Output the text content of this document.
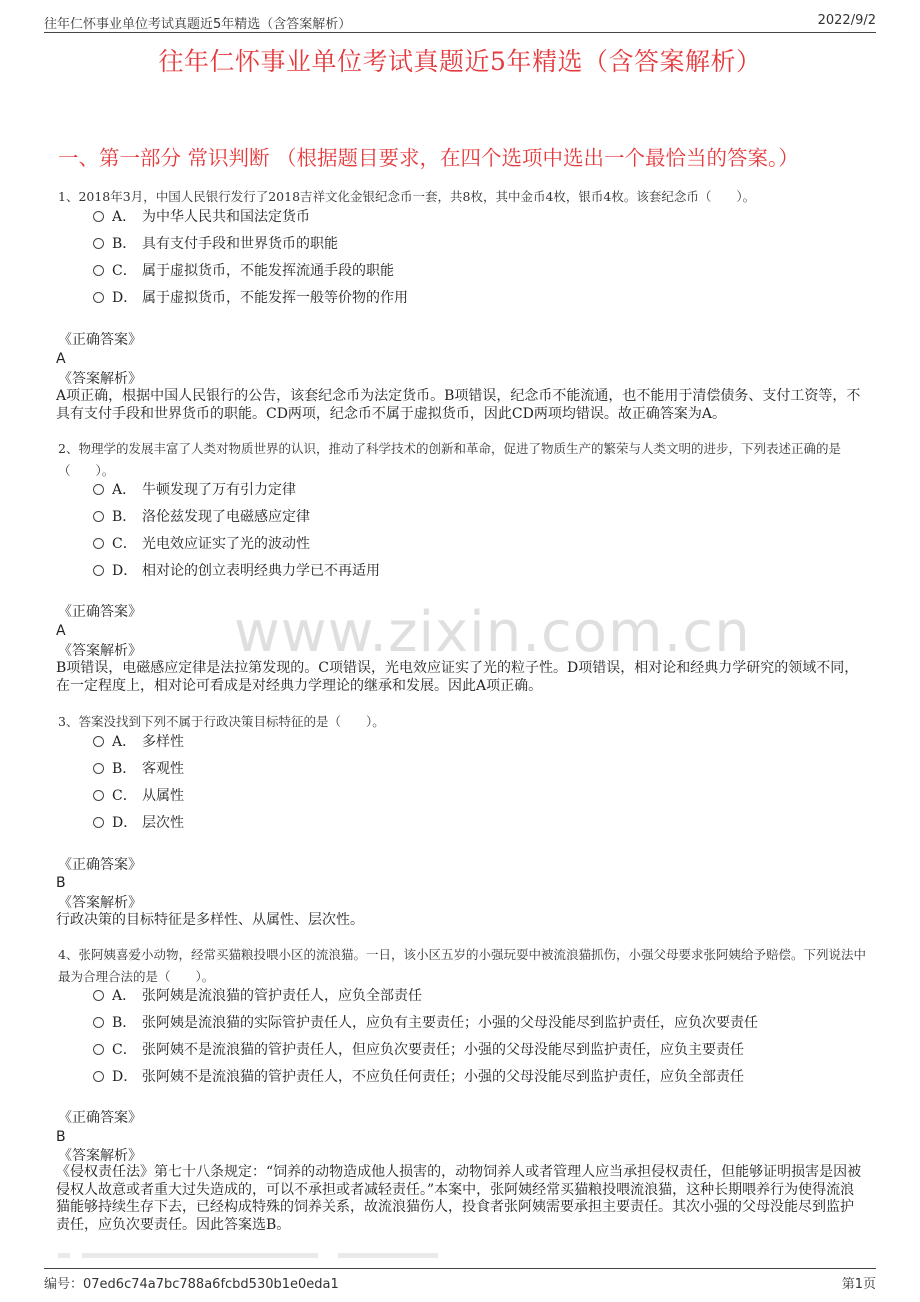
往年仁怀事业单位考试真题近5年精选（含答案解析）	2022/9/2
往年仁怀事业单位考试真题近5年精选（含答案解析）
一、第一部分 常识判断 （根据题目要求，在四个选项中选出一个最恰当的答案。）
www.zixin.com.cn
1、2018年3月，中国人民银行发行了2018吉祥文化金银纪念币一套，共8枚，其中金币4枚，银币4枚。该套纪念币（　　）。
A． 为中华人民共和国法定货币
B． 具有支付手段和世界货币的职能
C． 属于虚拟货币，不能发挥流通手段的职能
D． 属于虚拟货币，不能发挥一般等价物的作用
《正确答案》
A
《答案解析》
A项正确，根据中国人民银行的公告，该套纪念币为法定货币。B项错误，纪念币不能流通，也不能用于清偿债务、支付工资等，不具有支付手段和世界货币的职能。CD两项，纪念币不属于虚拟货币，因此CD两项均错误。故正确答案为A。
2、物理学的发展丰富了人类对物质世界的认识，推动了科学技术的创新和革命，促进了物质生产的繁荣与人类文明的进步，下列表述正确的是（　　）。
A． 牛顿发现了万有引力定律
B． 洛伦兹发现了电磁感应定律
C． 光电效应证实了光的波动性
D． 相对论的创立表明经典力学已不再适用
《正确答案》
A
《答案解析》
B项错误，电磁感应定律是法拉第发现的。C项错误，光电效应证实了光的粒子性。D项错误，相对论和经典力学研究的领域不同，在一定程度上，相对论可看成是对经典力学理论的继承和发展。因此A项正确。
3、答案没找到下列不属于行政决策目标特征的是（　　）。
A． 多样性
B． 客观性
C． 从属性
D． 层次性
《正确答案》
B
《答案解析》
行政决策的目标特征是多样性、从属性、层次性。
4、张阿姨喜爱小动物，经常买猫粮投喂小区的流浪猫。一日，该小区五岁的小强玩耍中被流浪猫抓伤，小强父母要求张阿姨给予赔偿。下列说法中最为合理合法的是（　　）。
A． 张阿姨是流浪猫的管护责任人，应负全部责任
B． 张阿姨是流浪猫的实际管护责任人，应负有主要责任；小强的父母没能尽到监护责任，应负次要责任
C． 张阿姨不是流浪猫的管护责任人，但应负次要责任；小强的父母没能尽到监护责任，应负主要责任
D． 张阿姨不是流浪猫的管护责任人，不应负任何责任；小强的父母没能尽到监护责任，应负全部责任
《正确答案》
B
《答案解析》
《侵权责任法》第七十八条规定：“饲养的动物造成他人损害的，动物饲养人或者管理人应当承担侵权责任，但能够证明损害是因被侵权人故意或者重大过失造成的，可以不承担或者减轻责任。”本案中，张阿姨经常买猫粮投喂流浪猫，这种长期喂养行为使得流浪猫能够持续生存下去，已经构成特殊的饲养关系，故流浪猫伤人，投食者张阿姨需要承担主要责任。其次小强的父母没能尽到监护责任，应负次要责任。因此答案选B。
编号：07ed6c74a7bc788a6fcbd530b1e0eda1	第1页
